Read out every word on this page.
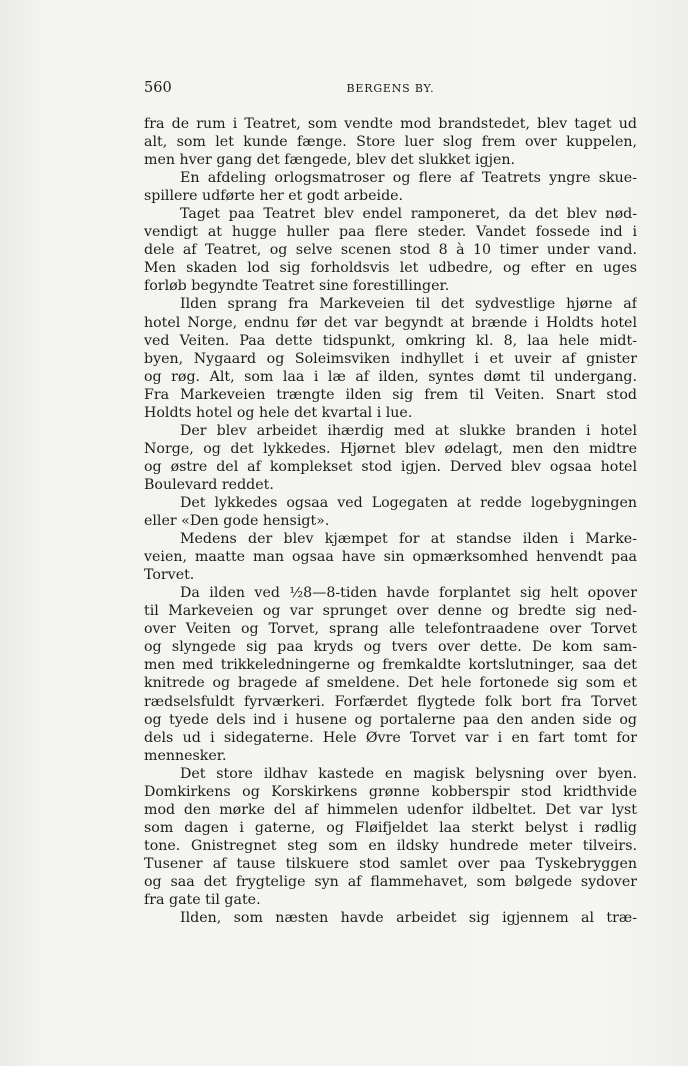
560	BERGENS BY.
fra de rum i Teatret, som vendte mod brandstedet, blev taget ud
alt, som let kunde fænge. Store luer slog frem over kuppelen,
men hver gang det fængede, blev det slukket igjen.
En afdeling orlogsmatroser og flere af Teatrets yngre skue-
spillere udførte her et godt arbeide.
Taget paa Teatret blev endel ramponeret, da det blev nød-
vendigt at hugge huller paa flere steder. Vandet fossede ind i
dele af Teatret, og selve scenen stod 8 à 10 timer under vand.
Men skaden lod sig forholdsvis let udbedre, og efter en uges
forløb begyndte Teatret sine forestillinger.
Ilden sprang fra Markeveien til det sydvestlige hjørne af
hotel Norge, endnu før det var begyndt at brænde i Holdts hotel
ved Veiten. Paa dette tidspunkt, omkring kl. 8, laa hele midt-
byen, Nygaard og Soleimsviken indhyllet i et uveir af gnister
og røg. Alt, som laa i læ af ilden, syntes dømt til undergang.
Fra Markeveien trængte ilden sig frem til Veiten. Snart stod
Holdts hotel og hele det kvartal i lue.
Der blev arbeidet ihærdig med at slukke branden i hotel
Norge, og det lykkedes. Hjørnet blev ødelagt, men den midtre
og østre del af komplekset stod igjen. Derved blev ogsaa hotel
Boulevard reddet.
Det lykkedes ogsaa ved Logegaten at redde logebygningen
eller «Den gode hensigt».
Medens der blev kjæmpet for at standse ilden i Marke-
veien, maatte man ogsaa have sin opmærksomhed henvendt paa
Torvet.
Da ilden ved ½8—8-tiden havde forplantet sig helt opover
til Markeveien og var sprunget over denne og bredte sig ned-
over Veiten og Torvet, sprang alle telefontraadene over Torvet
og slyngede sig paa kryds og tvers over dette. De kom sam-
men med trikkeledningerne og fremkaldte kortslutninger, saa det
knitrede og bragede af smeldene. Det hele fortonede sig som et
rædselsfuldt fyrværkeri. Forfærdet flygtede folk bort fra Torvet
og tyede dels ind i husene og portalerne paa den anden side og
dels ud i sidegaterne. Hele Øvre Torvet var i en fart tomt for
mennesker.
Det store ildhav kastede en magisk belysning over byen.
Domkirkens og Korskirkens grønne kobberspir stod kridthvide
mod den mørke del af himmelen udenfor ildbeltet. Det var lyst
som dagen i gaterne, og Fløifjeldet laa sterkt belyst i rødlig
tone. Gnistregnet steg som en ildsky hundrede meter tilveirs.
Tusener af tause tilskuere stod samlet over paa Tyskebryggen
og saa det frygtelige syn af flammehavet, som bølgede sydover
fra gate til gate.
Ilden, som næsten havde arbeidet sig igjennem al træ-
